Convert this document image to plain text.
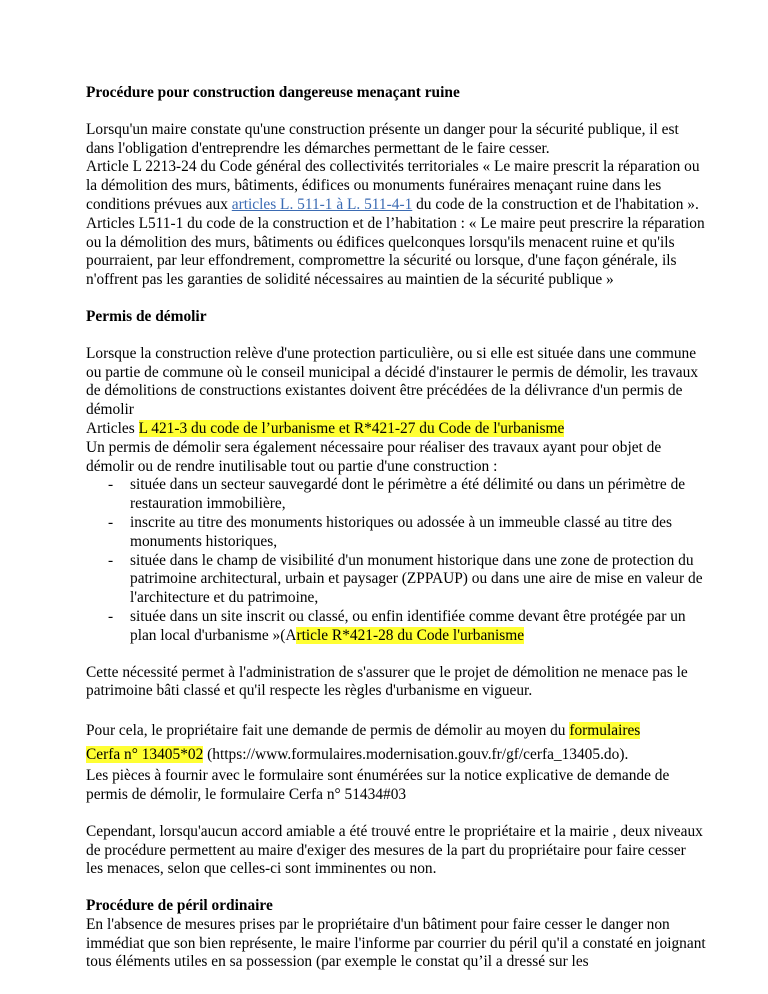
Procédure pour construction dangereuse menaçant ruine

Lorsqu'un maire constate qu'une construction présente un danger pour la sécurité publique, il est dans l'obligation d'entreprendre les démarches permettant de le faire cesser.
Article L 2213-24 du Code général des collectivités territoriales « Le maire prescrit la réparation ou la démolition des murs, bâtiments, édifices ou monuments funéraires menaçant ruine dans les conditions prévues aux articles L. 511-1 à L. 511-4-1 du code de la construction et de l'habitation ».
Articles L511-1 du code de la construction et de l’habitation : « Le maire peut prescrire la réparation ou la démolition des murs, bâtiments ou édifices quelconques lorsqu'ils menacent ruine et qu'ils pourraient, par leur effondrement, compromettre la sécurité ou lorsque, d'une façon générale, ils n'offrent pas les garanties de solidité nécessaires au maintien de la sécurité publique »

Permis de démolir
Lorsque la construction relève d'une protection particulière, ou si elle est située dans une commune ou partie de commune où le conseil municipal a décidé d'instaurer le permis de démolir, les travaux de démolitions de constructions existantes doivent être précédées de la délivrance d'un permis de démolir
Articles L 421-3 du code de l’urbanisme et R*421-27 du Code de l'urbanisme
Un permis de démolir sera également nécessaire pour réaliser des travaux ayant pour objet de démolir ou de rendre inutilisable tout ou partie d'une construction :
- située dans un secteur sauvegardé dont le périmètre a été délimité ou dans un périmètre de restauration immobilière,
- inscrite au titre des monuments historiques ou adossée à un immeuble classé au titre des monuments historiques,
- située dans le champ de visibilité d'un monument historique dans une zone de protection du patrimoine architectural, urbain et paysager (ZPPAUP) ou dans une aire de mise en valeur de l'architecture et du patrimoine,
- située dans un site inscrit ou classé, ou enfin identifiée comme devant être protégée par un plan local d'urbanisme »(Article R*421-28 du Code l'urbanisme

Cette nécessité permet à l'administration de s'assurer que le projet de démolition ne menace pas le patrimoine bâti classé et qu'il respecte les règles d'urbanisme en vigueur.

Pour cela, le propriétaire fait une demande de permis de démolir au moyen du formulaires
Cerfa n° 13405*02 (https://www.formulaires.modernisation.gouv.fr/gf/cerfa_13405.do).
Les pièces à fournir avec le formulaire sont énumérées sur la notice explicative de demande de permis de démolir, le formulaire Cerfa n° 51434#03

Cependant, lorsqu'aucun accord amiable a été trouvé entre le propriétaire et la mairie , deux niveaux de procédure permettent au maire d'exiger des mesures de la part du propriétaire pour faire cesser les menaces, selon que celles-ci sont imminentes ou non.

Procédure de péril ordinaire
En l'absence de mesures prises par le propriétaire d'un bâtiment pour faire cesser le danger non immédiat que son bien représente, le maire l'informe par courrier du péril qu'il a constaté en joignant tous éléments utiles en sa possession (par exemple le constat qu’il a dressé sur les
